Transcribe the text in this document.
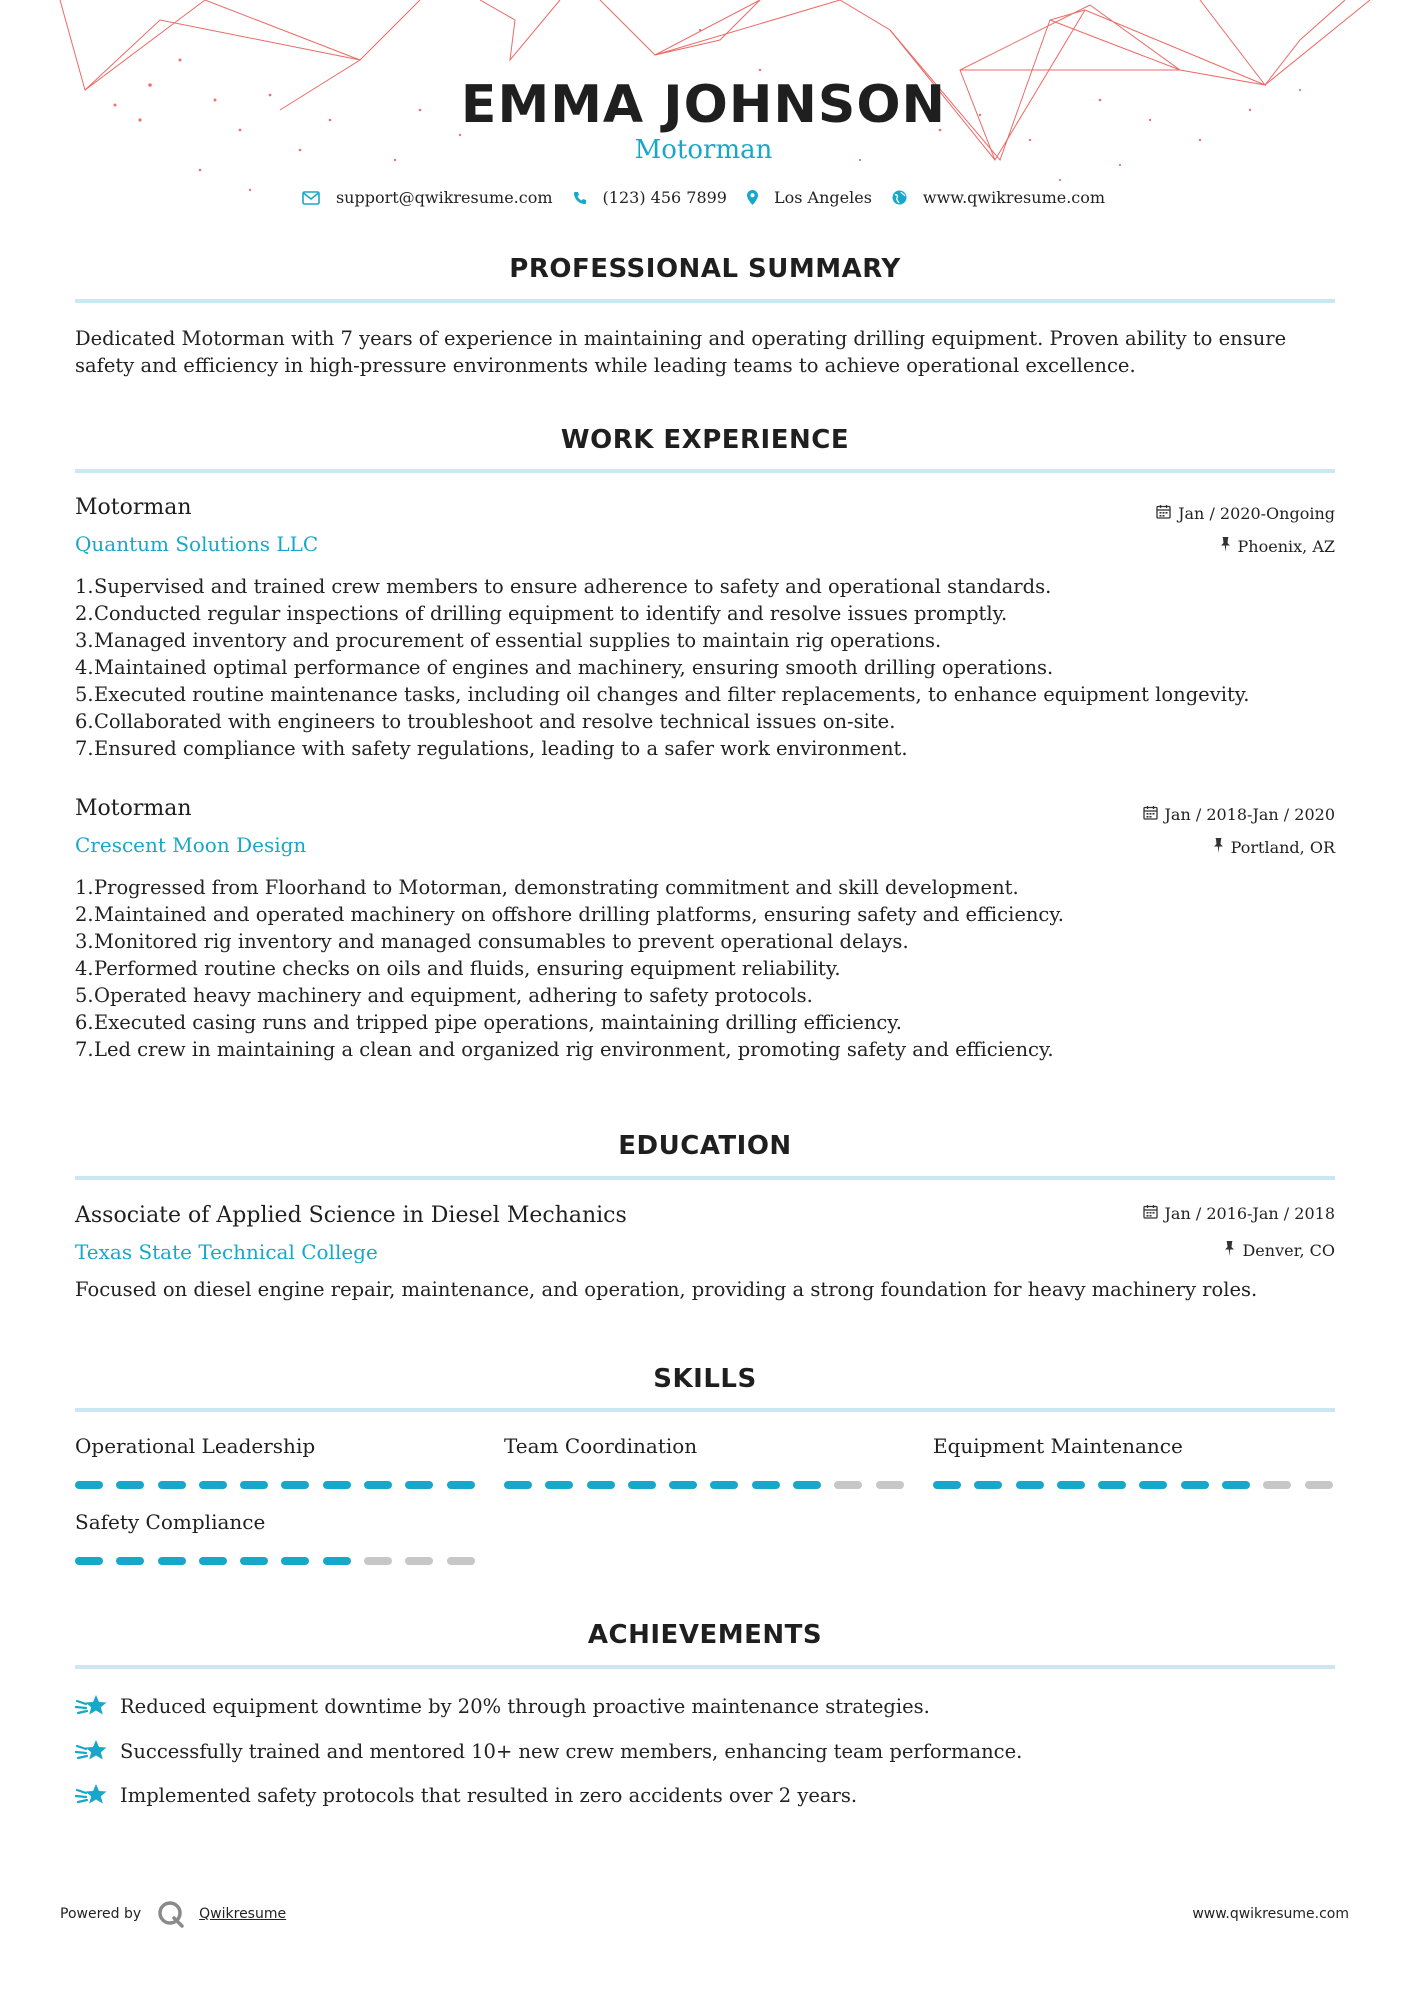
EMMA JOHNSON
Motorman
support@qwikresume.com	(123) 456 7899	Los Angeles	www.qwikresume.com
PROFESSIONAL SUMMARY
Dedicated Motorman with 7 years of experience in maintaining and operating drilling equipment. Proven ability to ensure safety and efficiency in high-pressure environments while leading teams to achieve operational excellence.
WORK EXPERIENCE
Motorman	Jan / 2020-Ongoing
Quantum Solutions LLC	Phoenix, AZ
1.Supervised and trained crew members to ensure adherence to safety and operational standards.
2.Conducted regular inspections of drilling equipment to identify and resolve issues promptly.
3.Managed inventory and procurement of essential supplies to maintain rig operations.
4.Maintained optimal performance of engines and machinery, ensuring smooth drilling operations.
5.Executed routine maintenance tasks, including oil changes and filter replacements, to enhance equipment longevity.
6.Collaborated with engineers to troubleshoot and resolve technical issues on-site.
7.Ensured compliance with safety regulations, leading to a safer work environment.
Motorman	Jan / 2018-Jan / 2020
Crescent Moon Design	Portland, OR
1.Progressed from Floorhand to Motorman, demonstrating commitment and skill development.
2.Maintained and operated machinery on offshore drilling platforms, ensuring safety and efficiency.
3.Monitored rig inventory and managed consumables to prevent operational delays.
4.Performed routine checks on oils and fluids, ensuring equipment reliability.
5.Operated heavy machinery and equipment, adhering to safety protocols.
6.Executed casing runs and tripped pipe operations, maintaining drilling efficiency.
7.Led crew in maintaining a clean and organized rig environment, promoting safety and efficiency.
EDUCATION
Associate of Applied Science in Diesel Mechanics	Jan / 2016-Jan / 2018
Texas State Technical College	Denver, CO
Focused on diesel engine repair, maintenance, and operation, providing a strong foundation for heavy machinery roles.
SKILLS
Operational Leadership	Team Coordination	Equipment Maintenance
Safety Compliance
ACHIEVEMENTS
Reduced equipment downtime by 20% through proactive maintenance strategies.
Successfully trained and mentored 10+ new crew members, enhancing team performance.
Implemented safety protocols that resulted in zero accidents over 2 years.
Powered by	Qwikresume	www.qwikresume.com
